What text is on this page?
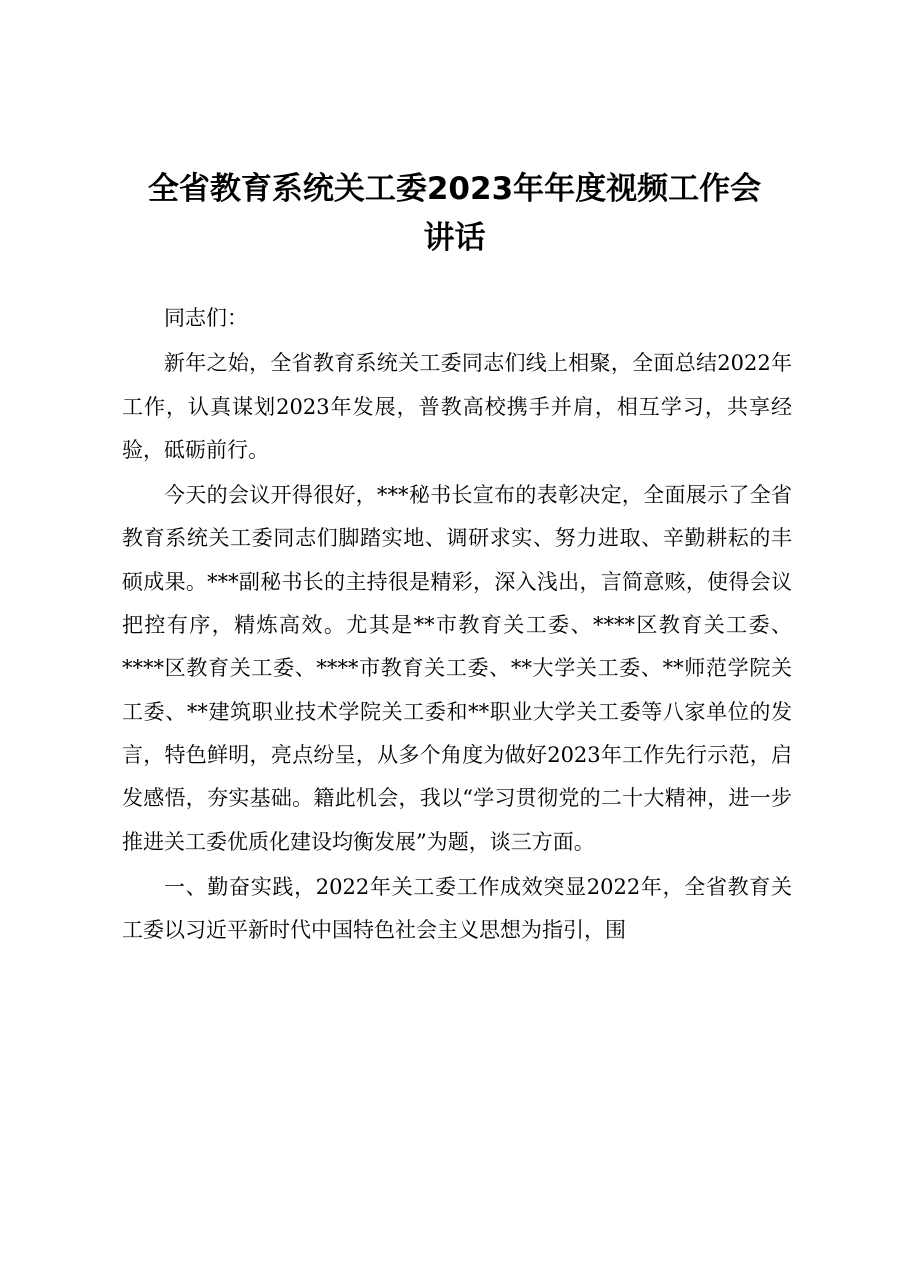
全省教育系统关工委2023年年度视频工作会
讲话

同志们：

新年之始，全省教育系统关工委同志们线上相聚，全面总结2022年工作，认真谋划2023年发展，普教高校携手并肩，相互学习，共享经验，砥砺前行。

今天的会议开得很好，***秘书长宣布的表彰决定，全面展示了全省教育系统关工委同志们脚踏实地、调研求实、努力进取、辛勤耕耘的丰硕成果。***副秘书长的主持很是精彩，深入浅出，言简意赅，使得会议把控有序，精炼高效。尤其是**市教育关工委、****区教育关工委、****区教育关工委、****市教育关工委、**大学关工委、**师范学院关工委、**建筑职业技术学院关工委和**职业大学关工委等八家单位的发言，特色鲜明，亮点纷呈，从多个角度为做好2023年工作先行示范，启发感悟，夯实基础。籍此机会，我以“学习贯彻党的二十大精神，进一步推进关工委优质化建设均衡发展”为题，谈三方面。

一、勤奋实践，2022年关工委工作成效突显2022年，全省教育关工委以习近平新时代中国特色社会主义思想为指引，围
